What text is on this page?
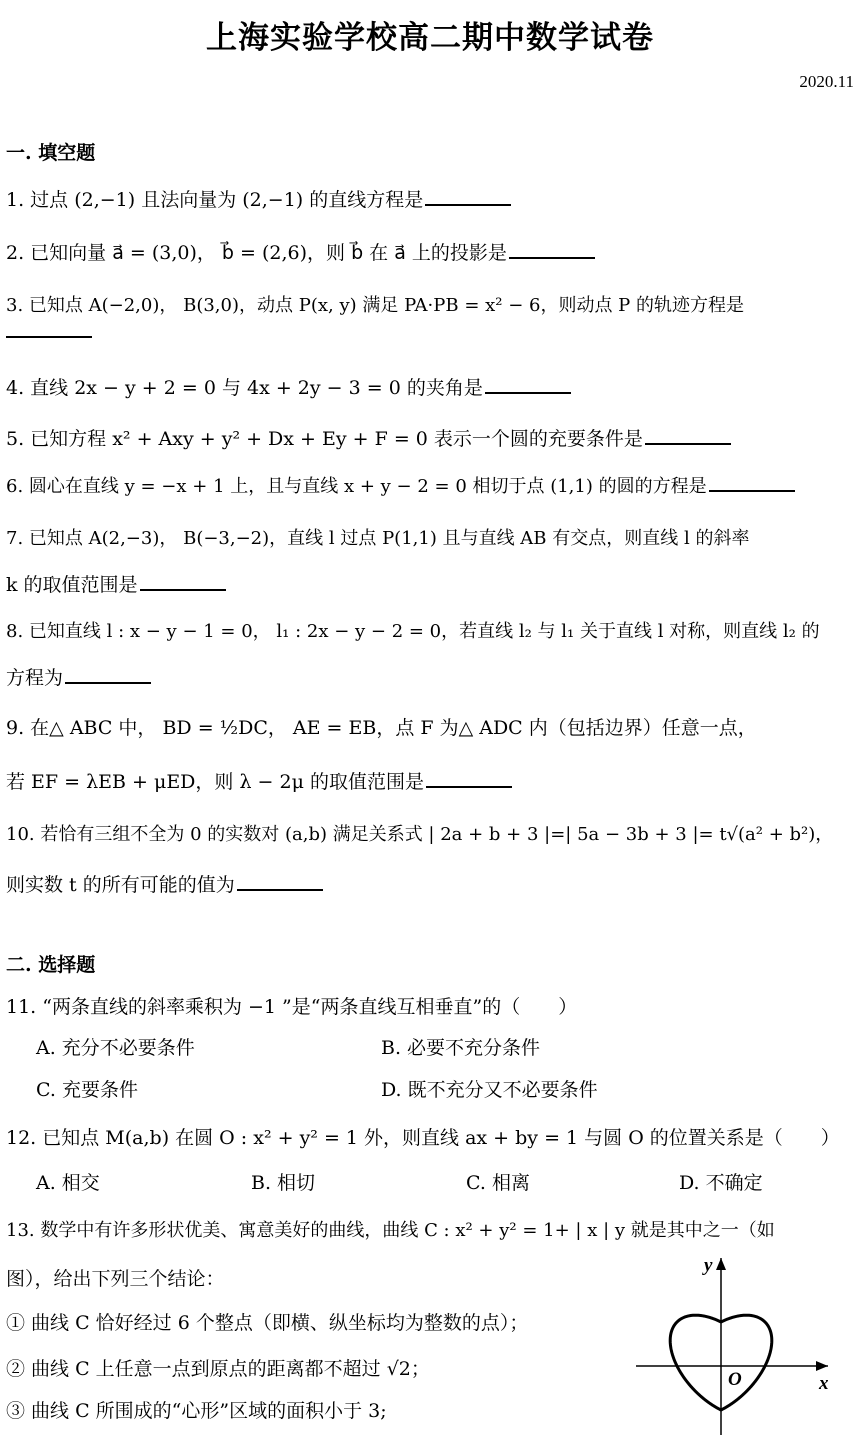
上海实验学校高二期中数学试卷
2020.11
一. 填空题
1. 过点 (2,−1) 且法向量为 (2,−1) 的直线方程是
2. 已知向量 a⃗ = (3,0)， b⃗ = (2,6)，则 b⃗ 在 a⃗ 上的投影是
3. 已知点 A(−2,0)， B(3,0)，动点 P(x, y) 满足 PA·PB = x² − 6，则动点 P 的轨迹方程是
4. 直线 2x − y + 2 = 0 与 4x + 2y − 3 = 0 的夹角是
5. 已知方程 x² + Axy + y² + Dx + Ey + F = 0 表示一个圆的充要条件是
6. 圆心在直线 y = −x + 1 上，且与直线 x + y − 2 = 0 相切于点 (1,1) 的圆的方程是
7. 已知点 A(2,−3)， B(−3,−2)，直线 l 过点 P(1,1) 且与直线 AB 有交点，则直线 l 的斜率
k 的取值范围是
8. 已知直线 l : x − y − 1 = 0， l₁ : 2x − y − 2 = 0，若直线 l₂ 与 l₁ 关于直线 l 对称，则直线 l₂ 的
方程为
9. 在△ ABC 中， BD = ½DC， AE = EB，点 F 为△ ADC 内（包括边界）任意一点，
若 EF = λEB + μED，则 λ − 2μ 的取值范围是
10. 若恰有三组不全为 0 的实数对 (a,b) 满足关系式 | 2a + b + 3 |=| 5a − 3b + 3 |= t√(a² + b²)，
则实数 t 的所有可能的值为
二. 选择题
11. “两条直线的斜率乘积为 −1 ”是“两条直线互相垂直”的（　　）
A. 充分不必要条件	B. 必要不充分条件
C. 充要条件	D. 既不充分又不必要条件
12. 已知点 M(a,b) 在圆 O : x² + y² = 1 外，则直线 ax + by = 1 与圆 O 的位置关系是（　　）
A. 相交	B. 相切	C. 相离	D. 不确定
13. 数学中有许多形状优美、寓意美好的曲线，曲线 C : x² + y² = 1+ | x | y 就是其中之一（如
图），给出下列三个结论：
① 曲线 C 恰好经过 6 个整点（即横、纵坐标均为整数的点）；
② 曲线 C 上任意一点到原点的距离都不超过 √2；
③ 曲线 C 所围成的“心形”区域的面积小于 3;
y
x
O
